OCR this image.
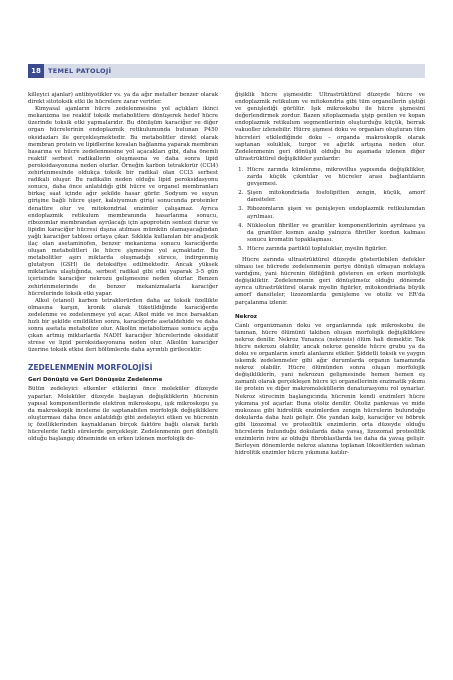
18	TEMEL PATOLOJİ

killeyici ajanlar) antibiyotikler vs. ya da ağır metaller benzer olarak direkt sitotoksik etki ile hücrelere zarar verirler.

Kimyasal ajanların hücre zedelenmesine yol açtıkları ikinci mekanizma ise reaktif toksik metabolitlere dönüşerek hedef hücre üzerinde toksik etki yapmalarıdır. Bu dönüşüm karaciğer ve diğer organ hücrelerinin endoplazmik retikulumunda bulunan P450 oksidazları ile gerçekleşmektedir. Bu metabolitler direkt olarak membran protein ve lipidlerine kovalan bağlanma yaparak membran hasarına ve hücre zedelenmesine yol açacakları gibi, daha önemli reaktif serbest radikallerin oluşmasına ve daha sonra lipid peroksidasyonuna neden olurlar. Örneğin karbon tetraklorür (CCl4) zehirlenmesinde oldukça toksik bir radikal olan CCl3 serbest radikali oluşur. Bu radikalin neden olduğu lipid peroksidasyonu sonucu, daha önce anlatıldığı gibi hücre ve organel membranları birkaç saat içinde ağır şekilde hasar görür. Sodyum ve suyun girişine bağlı hücre şişer, kalsiyumun girişi sonucunda proteinler denatüre olur ve mitokondrial enzimler çalışamaz. Ayrıca endoplazmik retikulum membranında hasarlanma sonucu, ribozomlar membrandan ayrılacağı için apoprotein sentezi durur ve lipidin karaciğer hücresi dışına atılması mümkün olamayacağından yağlı karaciğer tablosu ortaya çıkar. Sıklıkla kullanılan bir analjezik ilaç olan asetaminofen, benzer mekanizma sonucu karaciğerde oluşan metabolitleri ile hücre şişmesine yol açmaktadır. Bu metabolitler aşırı miktarda oluşmadığı sürece, indirgenmiş glutatyon (GSH) ile detoksifiye edilmektedir. Ancak yüksek miktarlara ulaştığında, serbest radikal gibi etki yaparak 3-5 gün içerisinde karaciğer nekrozu gelişmesine neden olurlar. Benzen zehirlenmelerinde de benzer mekanizmalarla karaciğer hücrelerinde toksik etki yapar.

Alkol (etanol) karbon tetraklorürden daha az toksik özellikte olmasına karşın, kronik olarak tüketildiğinde karaciğerde zedelenme ve zedelenmeye yol açar. Alkol mide ve ince barsaktan hızlı bir şekilde emildikten sonra, karaciğerde asetaldehide ve daha sonra asetata metabolize olur. Alkolün metabolizması sonucu açığa çıkan artmış miktarlarda NADH karaciğer hücrelerinde oksidatif strese ve lipid peroksidasyonuna neden olur. Alkolün karaciğer üzerine toksik etkisi ileri bölümlerde daha ayrıntılı girilecektir.

ZEDELENMENİN MORFOLOJİSİ
Geri Dönüşlü ve Geri Dönüşsüz Zedelenme

Bütün zedeleyici etkenler etkilerini önce moleküler düzeyde yaparlar. Moleküler düzeyde başlayan değişikliklerin hücrenin yapısal komponentlerinde elektron mikroskopu, ışık mikroskopu ya da makroskopik inceleme ile saptanabilen morfolojik değişikliklere oluşturması daha önce anlatıldığı gibi zedeleyici etken ve hücrenin iç özelliklerinden kaynaklanan birçok faktöre bağlı olarak farklı hücrelerde farklı sürelerde gerçekleşir. Zedelenmenin geri dönüşlü olduğu başlangıç döneminde en erken izlenen morfolojik de-

ğişiklik hücre şişmesidir. Ultrastrüktürel düzeyde hücre ve endoplazmik retikulum ve mitokondria gibi tüm organellerin şiştiği ve genişlediği görülür. Işık mikroskobu ile hücre şişmesini değerlendirmek zordur. Bazen sitoplazmada şişip genilen ve kopan endoplazmik retikulum segmentlerinin oluşturduğu küçük, berrak vakuoller izlenebilir. Hücre şişmesi doku ve organları oluşturan tüm hücreleri etkilediğinde doku – organda makroskopik olarak saptanan solukluk, turgor ve ağırlık artışına neden olur. Zedelenmenin geri dönüşlü olduğu bu aşamada izlenen diğer ultrastrüktürel değişiklikler şunlardır:

1. Hücre zarında kümlenme, mikrovillus yapısında değişiklikler, zarda küçük çıkıntılar ve hücreler arası bağlantıların gevşemesi.
2. Şişen mitokondriada fosfolipitten zengin, küçük, amorf dansiteler.
3. Ribozomların şişen ve genişleyen endoplazmik retikulumdan ayrılması.
4. Nükleolun fibriller ve granüler komponentlerinin ayrılması ya da granüler kısmın azalıp yalnızca fibriller kordun kalması sonucu kromatin topaklaşması.
5. Hücre zarında partikül topluluklar, myelin figürler.

Hücre zarında ultrastrüktürel düzeyde gösterilebilen defekler olması ise hücrede zedelenmenin geriye dönüşü olmayan noktaya vardığını, yani hücrenin öldüğünü gösteren en erken morfolojik değişikliktir. Zedelenmenin geri dönüşümsüz olduğu dönemde ayrıca ultrastrüktürel olarak myelin figürler, mitokondriada büyük amorf dansiteler, lizozomlarda genişleme ve otoliz ve ER'da parçalanma izlenir.

Nekroz

Canlı organizmanın doku ve organlarında ışık mikroskobu ile tanınan, hücre ölümünü takiben oluşan morfolojik değişikliklere nekroz denilir. Nekroz Yunanca (nekrosis) ölüm hali demektir. Tek hücre nekrozu olabilir, ancak nekroz genelde hücre grubu ya da doku ve organların sınırlı alanlarını etkiler. Şiddetli toksik ve yaygın iskemik zedelenmeler gibi ağır durumlarda organın tamamında nekroz olabilir. Hücre ölümünden sonra oluşan morfolojik değişikliklerin, yani nekrozun gelişmesinde hemen hemen eş zamanlı olarak gerçekleşen hücre içi organellerinin enzimatik yıkımı ile protein ve diğer makromoleküllerin denaturasyonu rol oynarlar. Nekroz sürecinin başlangıcında hücrenin kendi enzimleri hücre yıkımına yol açarlar. Buna otoliz denilir. Otoliz pankreas ve mide mukozası gibi hidrolitik enzimlerden zengin hücrelerin bulunduğu dokularda daha hızlı gelişir. Öte yandan kalp, karaciğer ve böbrek gibi lizozomal ve proteolitik enzimlerin orta düzeyde olduğu hücrelerin bulunduğu dokularda daha yavaş, lizozomal proteolitik enzimlerin ivire az olduğu fibroblastlarda ise daha da yavaş gelişir. Berleyen dönemlerde nekroz alanına toplanan lökositlerden salınan hidrolitik enzimler hücre yıkımına katılır-
